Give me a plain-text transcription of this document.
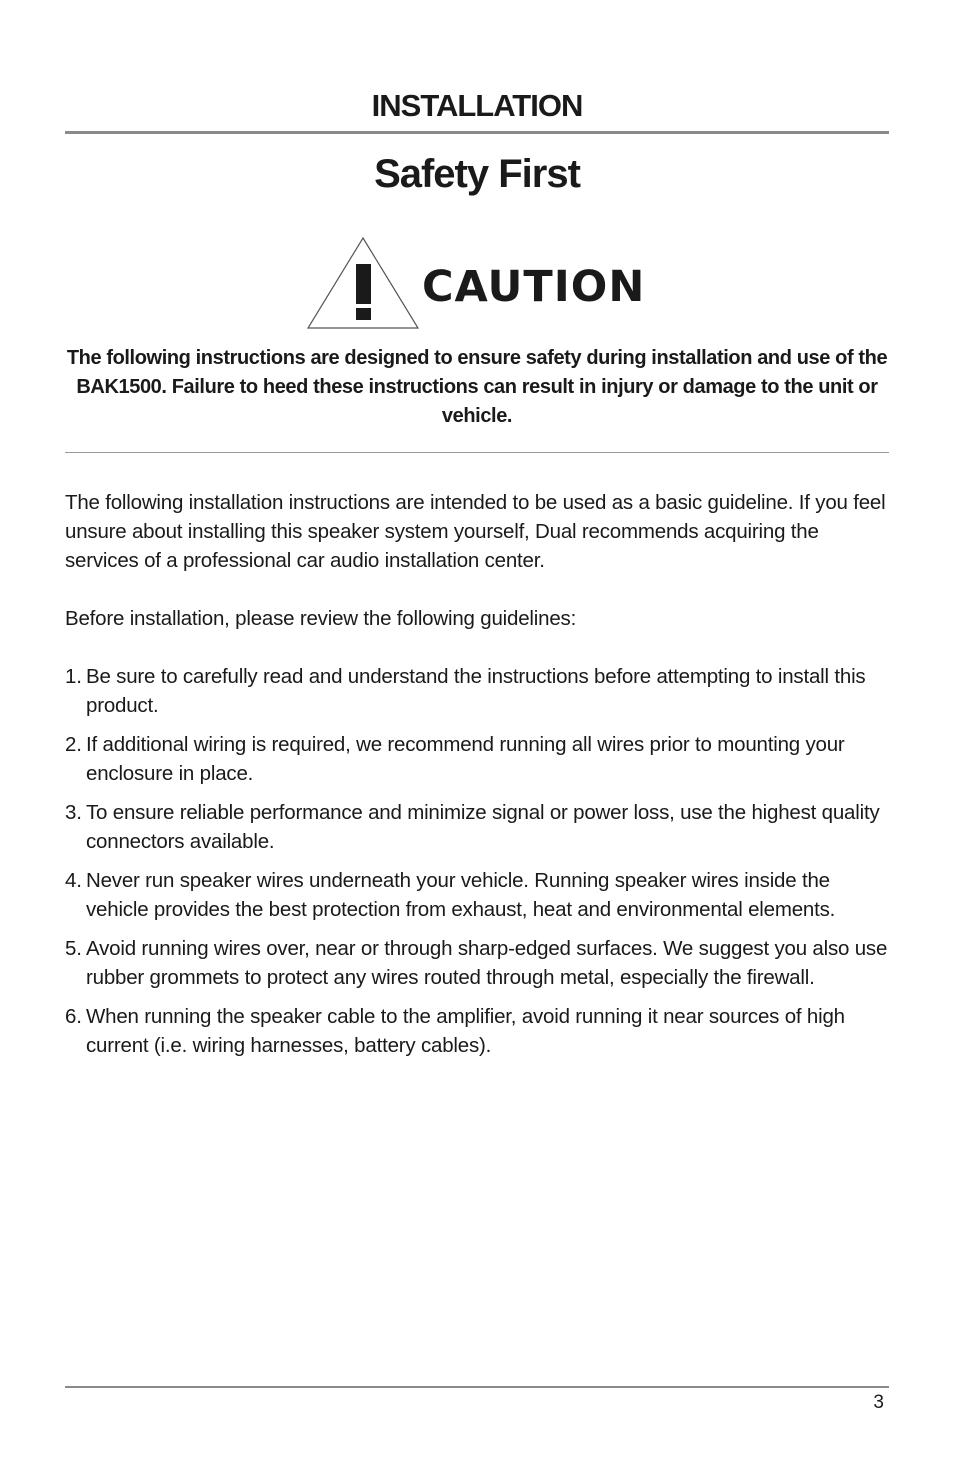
INSTALLATION
Safety First
CAUTION

The following instructions are designed to ensure safety during installation and use of the BAK1500. Failure to heed these instructions can result in injury or damage to the unit or vehicle.

The following installation instructions are intended to be used as a basic guideline. If you feel unsure about installing this speaker system yourself, Dual recommends acquiring the services of a professional car audio installation center.

Before installation, please review the following guidelines:

1. Be sure to carefully read and understand the instructions before attempting to install this product.
2. If additional wiring is required, we recommend running all wires prior to mounting your enclosure in place.
3. To ensure reliable performance and minimize signal or power loss, use the highest quality connectors available.
4. Never run speaker wires underneath your vehicle. Running speaker wires inside the vehicle provides the best protection from exhaust, heat and environmental elements.
5. Avoid running wires over, near or through sharp-edged surfaces. We suggest you also use rubber grommets to protect any wires routed through metal, especially the firewall.
6. When running the speaker cable to the amplifier, avoid running it near sources of high current (i.e. wiring harnesses, battery cables).
3
